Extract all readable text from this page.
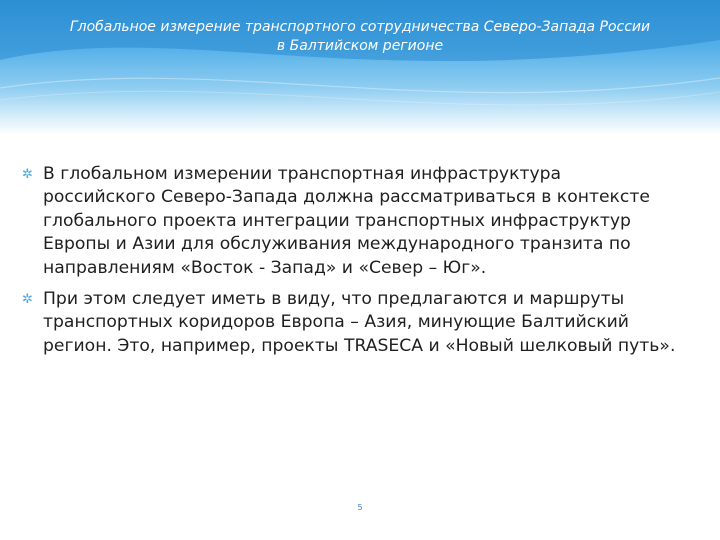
Глобальное измерение транспортного сотрудничества Северо-Запада России
в Балтийском регионе
✲ В глобальном измерении транспортная инфраструктура
российского Северо-Запада должна рассматриваться в контексте
глобального проекта интеграции транспортных инфраструктур
Европы и Азии для обслуживания международного транзита по
направлениям «Восток - Запад» и «Север – Юг».
✲ При этом следует иметь в виду, что предлагаются и маршруты
транспортных коридоров Европа – Азия, минующие Балтийский
регион. Это, например, проекты TRASECA и «Новый шелковый путь».
5
